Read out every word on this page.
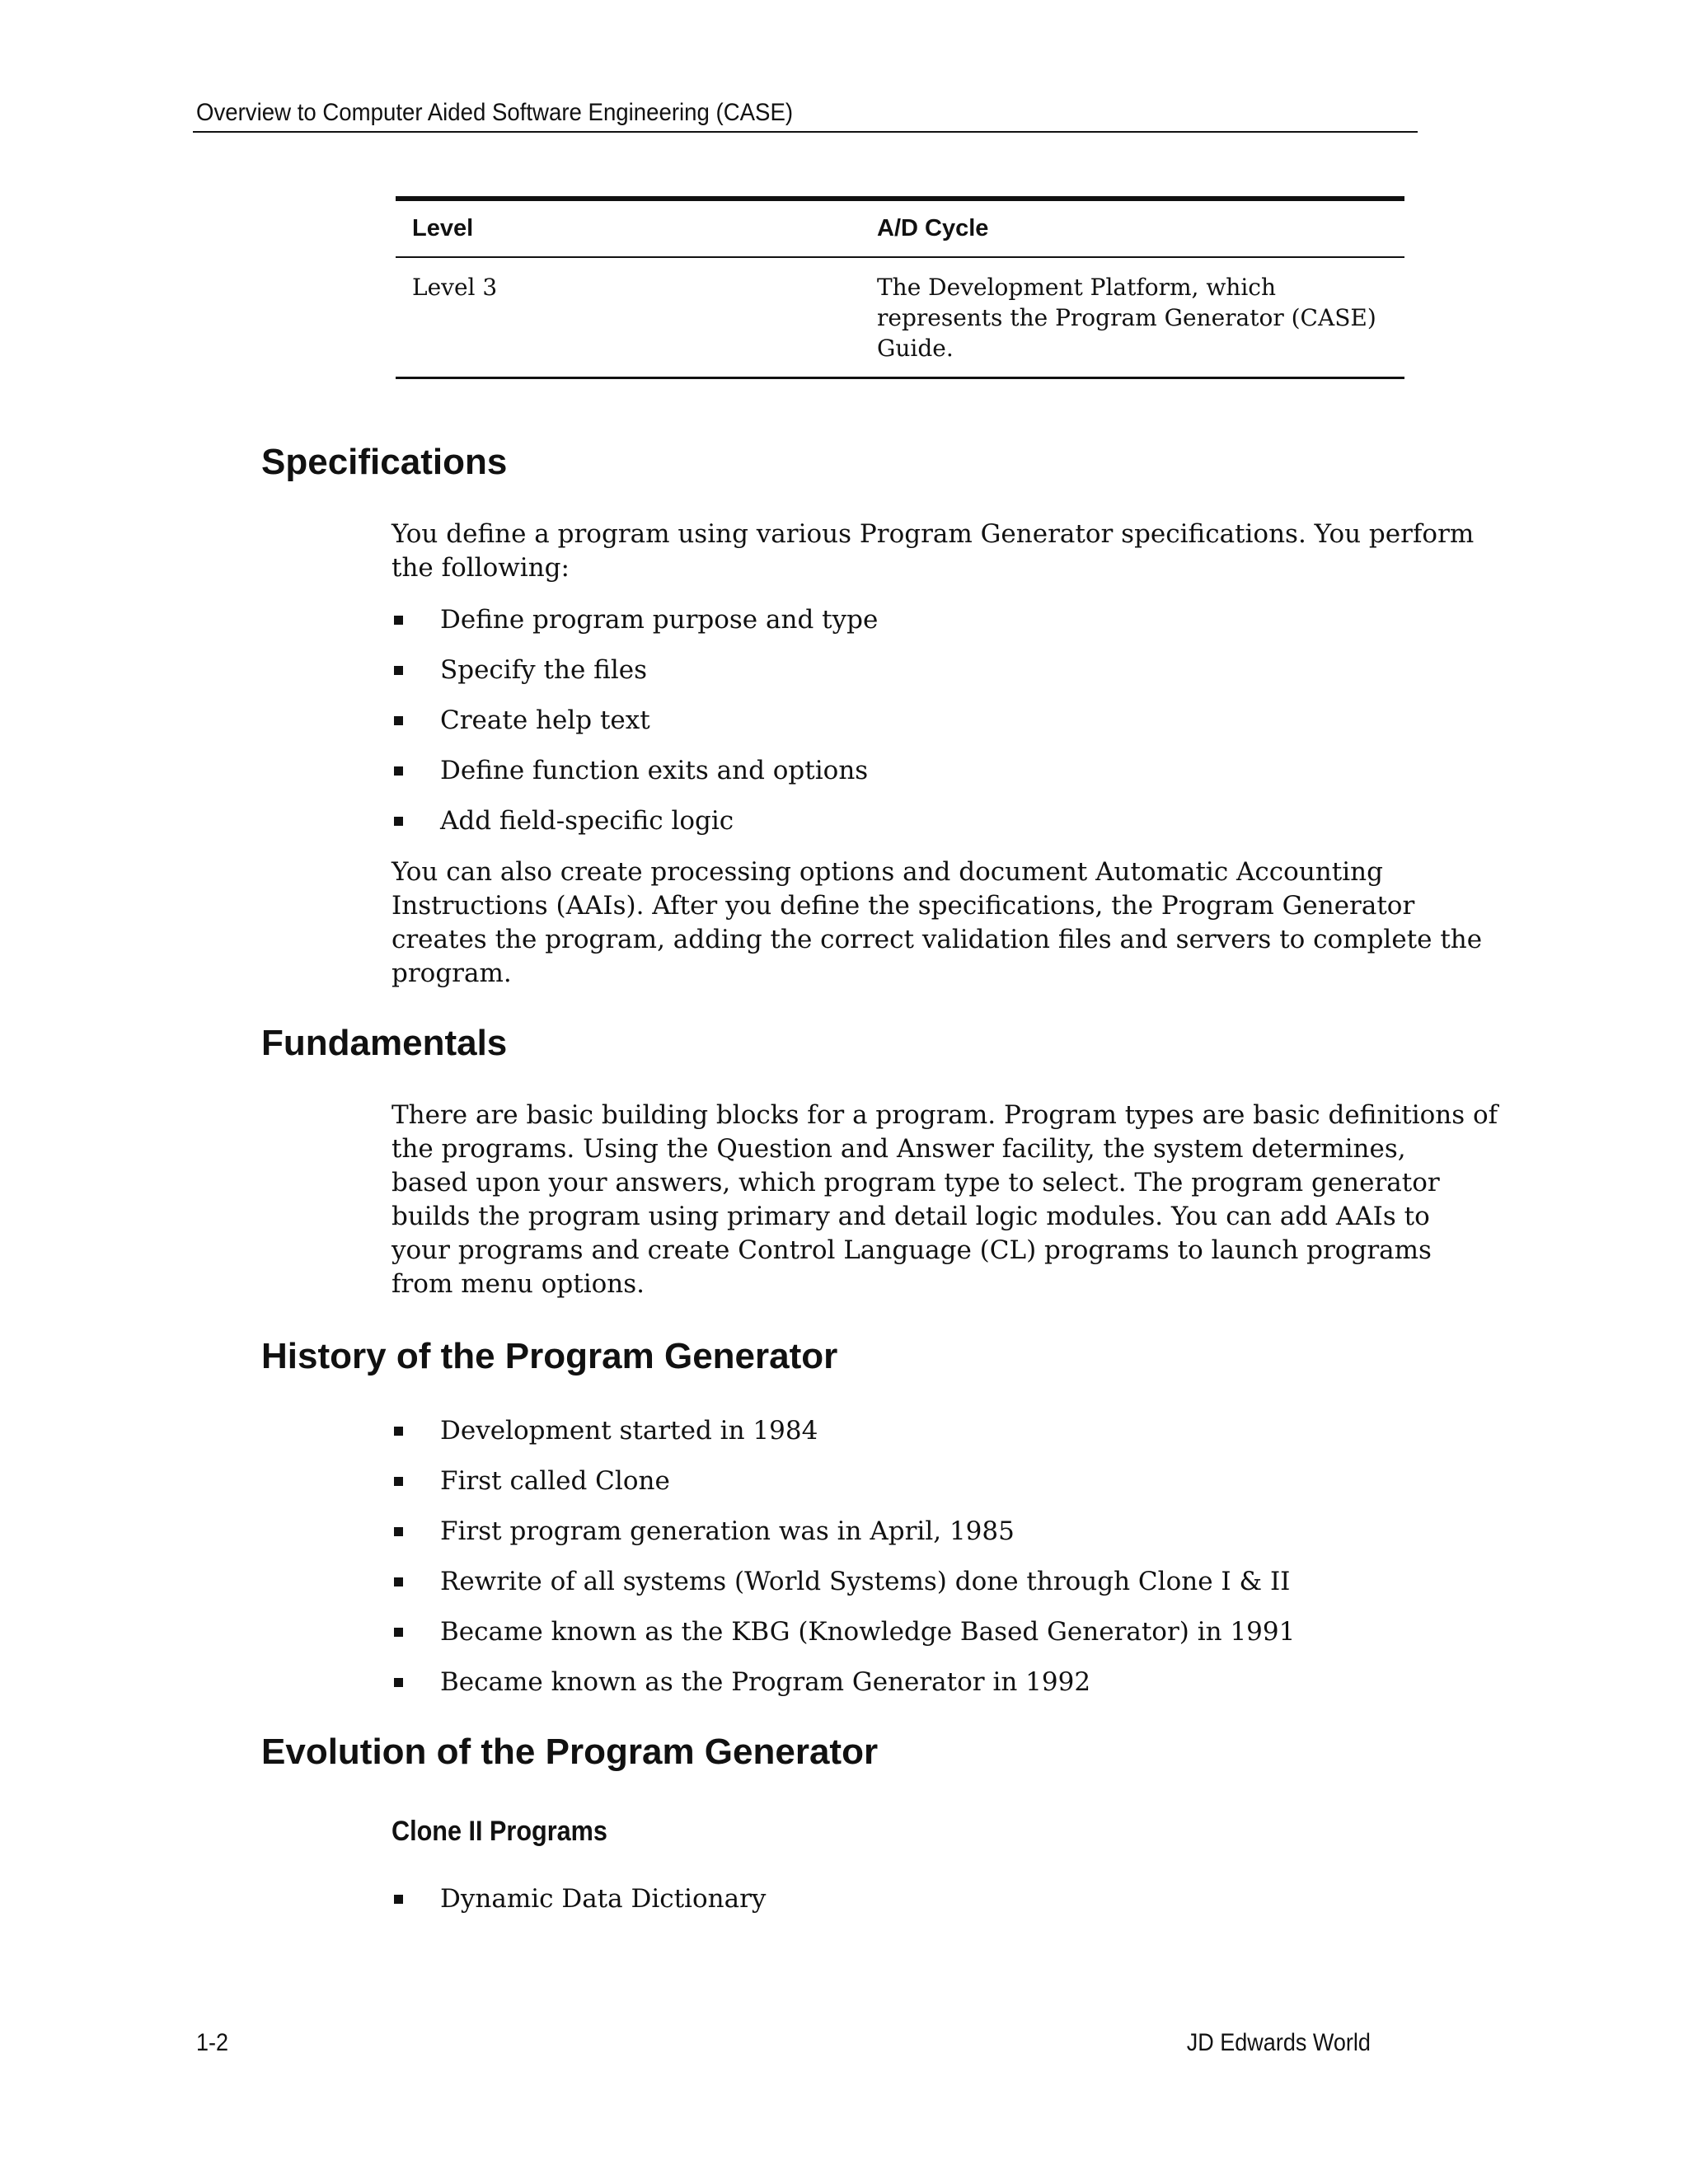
Overview to Computer Aided Software Engineering (CASE)
Level	A/D Cycle
Level 3	The Development Platform, which
represents the Program Generator (CASE)
Guide.
Specifications

You define a program using various Program Generator specifications. You perform
the following:

Define program purpose and type
Specify the files
Create help text
Define function exits and options
Add field-specific logic

You can also create processing options and document Automatic Accounting
Instructions (AAIs). After you define the specifications, the Program Generator
creates the program, adding the correct validation files and servers to complete the
program.

Fundamentals

There are basic building blocks for a program. Program types are basic definitions of
the programs. Using the Question and Answer facility, the system determines,
based upon your answers, which program type to select. The program generator
builds the program using primary and detail logic modules. You can add AAIs to
your programs and create Control Language (CL) programs to launch programs
from menu options.

History of the Program Generator
Development started in 1984
First called Clone
First program generation was in April, 1985
Rewrite of all systems (World Systems) done through Clone I & II
Became known as the KBG (Knowledge Based Generator) in 1991
Became known as the Program Generator in 1992
Evolution of the Program Generator
Clone II Programs
Dynamic Data Dictionary
1-2	JD Edwards World
